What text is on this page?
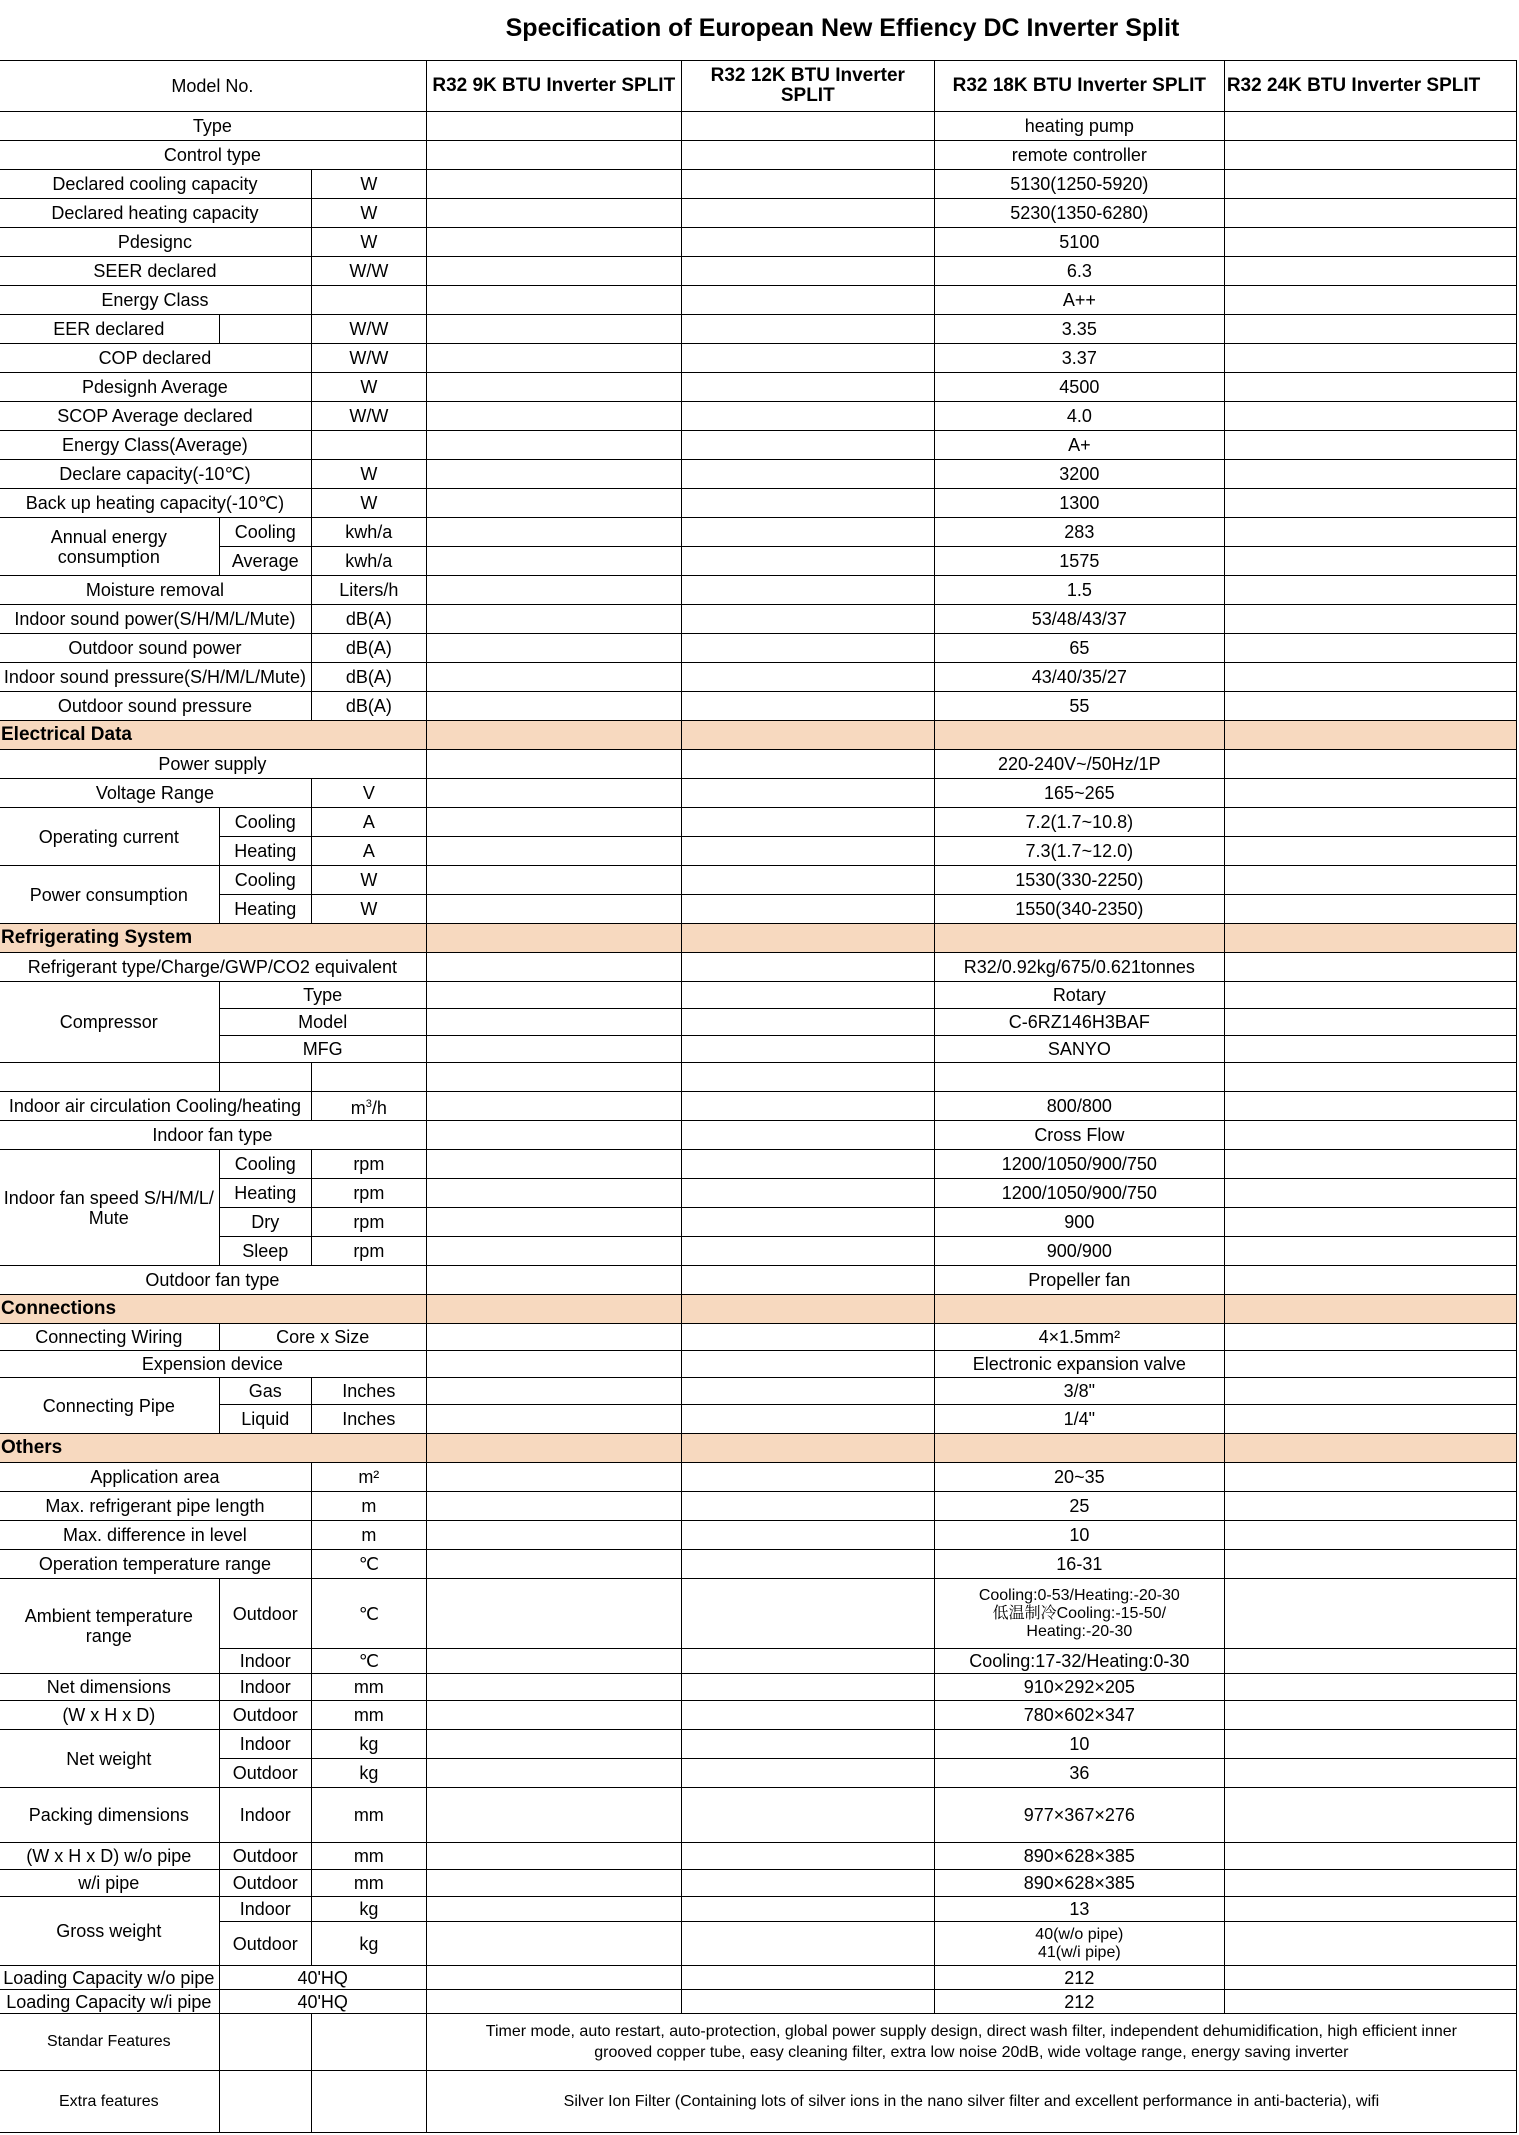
Specification of European New Effiency DC Inverter Split
Model No.			R32 9K BTU Inverter SPLIT	R32 12K BTU Inverter SPLIT	R32 18K BTU Inverter SPLIT	R32 24K BTU Inverter SPLIT
Type					heating pump	
Control type					remote controller	
Declared cooling capacity		W			5130(1250-5920)	
Declared heating capacity		W			5230(1350-6280)	
Pdesignc		W			5100	
SEER declared		W/W			6.3	
Energy Class					A++	
EER declared		W/W			3.35	
COP declared		W/W			3.37	
Pdesignh Average		W			4500	
SCOP Average declared		W/W			4.0	
Energy Class(Average)					A+	
Declare capacity(-10℃)		W			3200	
Back up heating capacity(-10℃)		W			1300	
Annual energy consumption	Cooling	kwh/a			283	
	Average	kwh/a			1575	
Moisture removal		Liters/h			1.5	
Indoor sound power(S/H/M/L/Mute)		dB(A)			53/48/43/37	
Outdoor sound power		dB(A)			65	
Indoor sound pressure(S/H/M/L/Mute)		dB(A)			43/40/35/27	
Outdoor sound pressure		dB(A)			55	
Electrical Data						
Power supply					220-240V~/50Hz/1P	
Voltage Range		V			165~265	
Operating current	Cooling	A			7.2(1.7~10.8)	
	Heating	A			7.3(1.7~12.0)	
Power consumption	Cooling	W			1530(330-2250)	
	Heating	W			1550(340-2350)	
Refrigerating System						
Refrigerant type/Charge/GWP/CO2 equivalent					R32/0.92kg/675/0.621tonnes	
Compressor	Type				Rotary	
	Model				C-6RZ146H3BAF	
	MFG				SANYO	

Indoor air circulation Cooling/heating		$m^3/h$			800/800	
Indoor fan type					Cross Flow	
Indoor fan speed S/H/M/L/ Mute	Cooling	rpm			1200/1050/900/750	
	Heating	rpm			1200/1050/900/750	
	Dry	rpm			900	
	Sleep	rpm			900/900	
Outdoor fan type					Propeller fan	
Connections						
Connecting Wiring	Core x Size				4×1.5mm²	
Expension device					Electronic expansion valve	
Connecting Pipe	Gas	Inches			3/8"	
	Liquid	Inches			1/4"	
Others						
Application area		m²			20~35	
Max. refrigerant pipe length		m			25	
Max. difference in level		m			10	
Operation temperature range		℃			16-31	
Ambient temperature range	Outdoor	℃			Cooling:0-53/Heating:-20-30
低温制冷Cooling:-15-50/
Heating:-20-30	

	Indoor	℃			Cooling:17-32/Heating:0-30	
Net dimensions	Indoor	mm			910×292×205	
(W x H x D)	Outdoor	mm			780×602×347	
Net weight	Indoor	kg			10	
	Outdoor	kg			36	
Packing dimensions	Indoor	mm			977×367×276	
(W x H x D) w/o pipe	Outdoor	mm			890×628×385	
w/i pipe	Outdoor	mm			890×628×385	
Gross weight	Indoor	kg			13	
	Outdoor	kg			40(w/o pipe)
41(w/i pipe)	

Loading Capacity w/o pipe	40'HQ				212	
Loading Capacity w/i pipe	40'HQ				212	
Standar Features			Timer mode, auto restart, auto-protection, global power supply design, direct wash filter, independent dehumidification, high efficient inner
grooved copper tube, easy cleaning filter, extra low noise 20dB, wide voltage range, energy saving inverter			

Extra features			Silver Ion Filter (Containing lots of silver ions in the nano silver filter and excellent performance in anti-bacteria), wifi			
